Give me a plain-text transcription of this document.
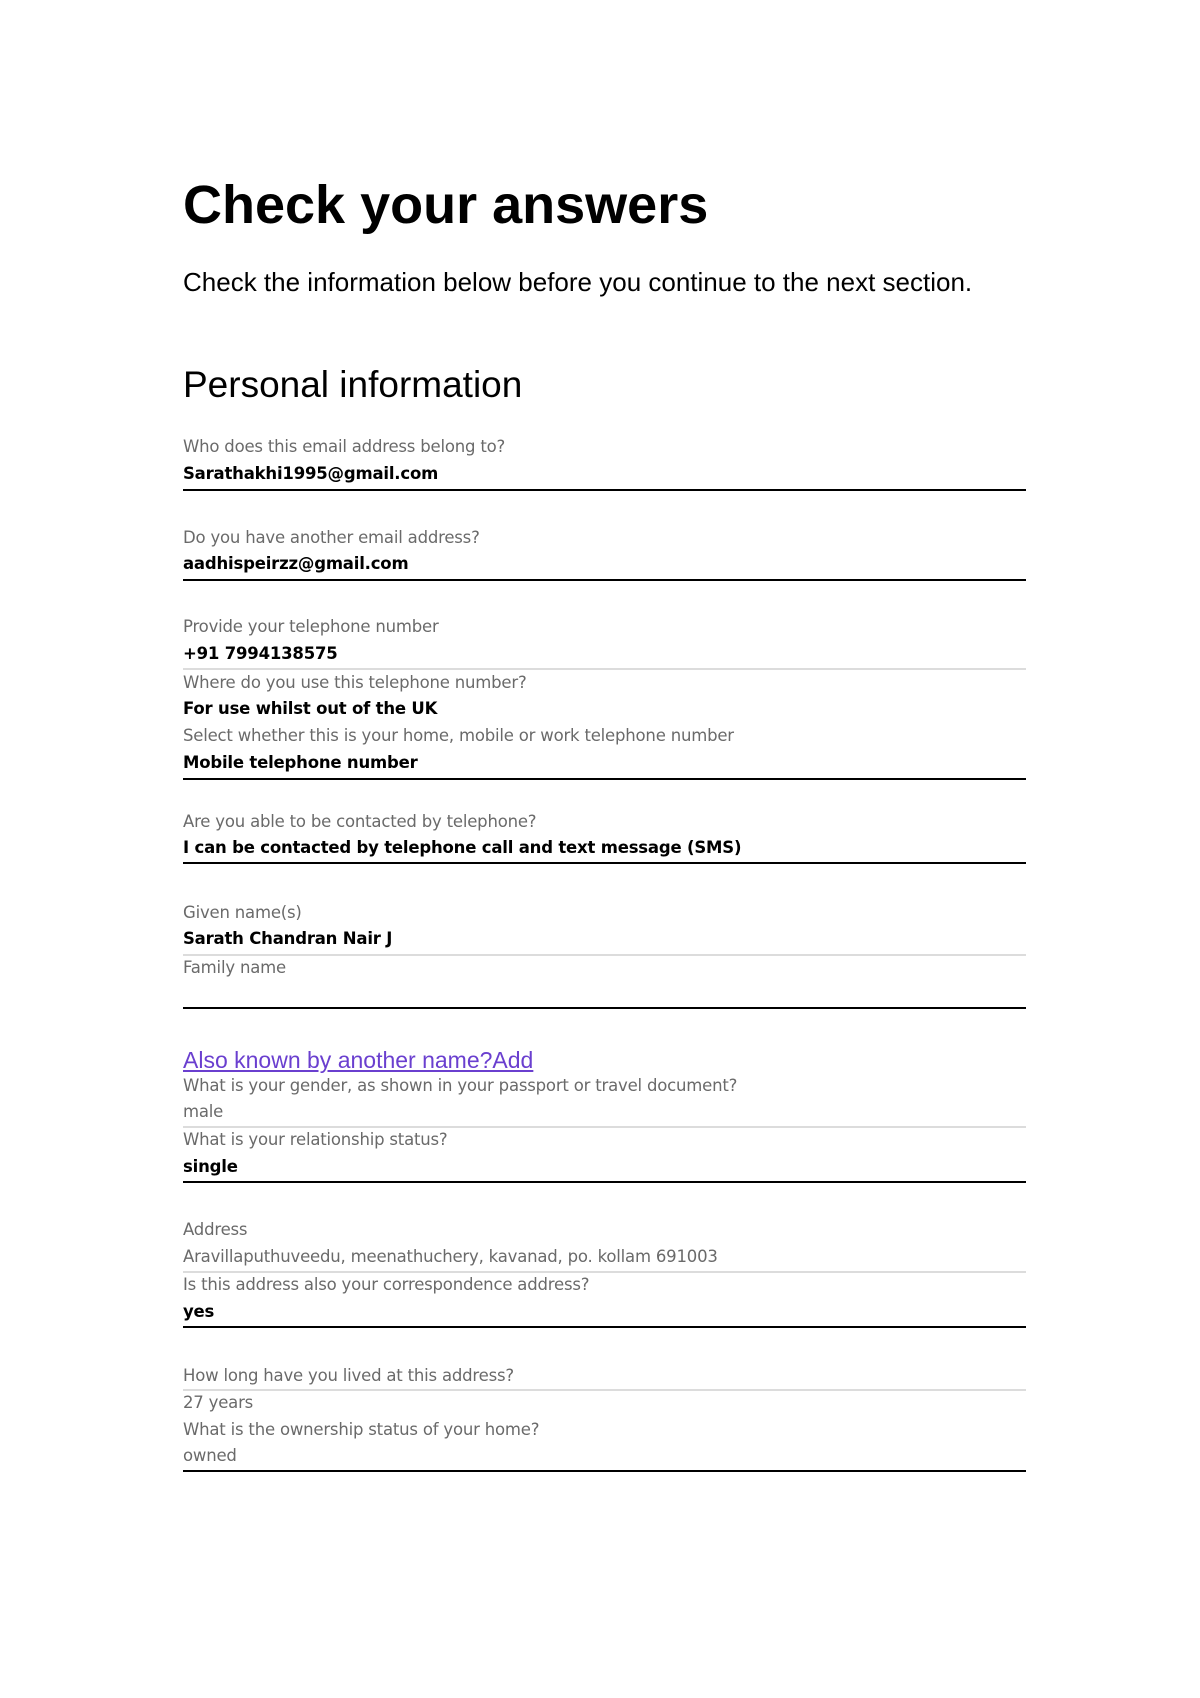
Check your answers

Check the information below before you continue to the next section.

Personal information
Who does this email address belong to?
Sarathakhi1995@gmail.com
Do you have another email address?
aadhispeirzz@gmail.com
Provide your telephone number
+91 7994138575
Where do you use this telephone number?
For use whilst out of the UK
Select whether this is your home, mobile or work telephone number
Mobile telephone number
Are you able to be contacted by telephone?
I can be contacted by telephone call and text message (SMS)
Given name(s)
Sarath Chandran Nair J
Family name
Also known by another name?Add
What is your gender, as shown in your passport or travel document?
male
What is your relationship status?
single
Address
Aravillaputhuveedu, meenathuchery, kavanad, po. kollam 691003
Is this address also your correspondence address?
yes
How long have you lived at this address?
27 years
What is the ownership status of your home?
owned
